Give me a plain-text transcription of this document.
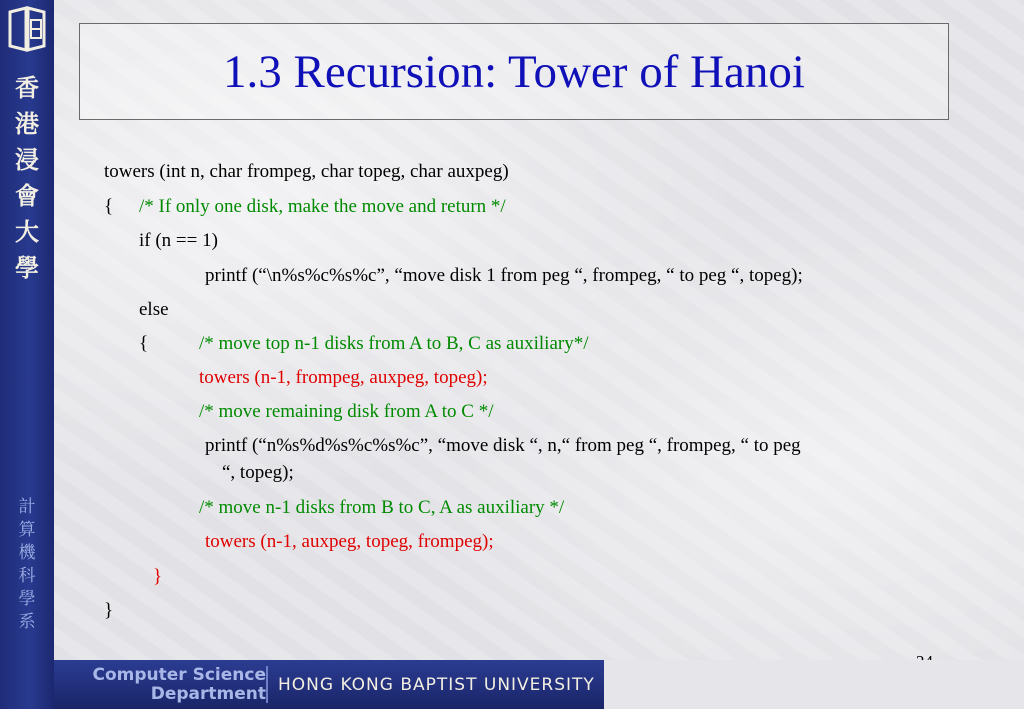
香
港
浸
會
大
學
計
算
機
科
學
系
1.3 Recursion: Tower of Hanoi
towers (int n, char frompeg, char topeg, char auxpeg)
{ /* If only one disk, make the move and return */
if (n == 1)
printf (“\n%s%c%s%c”, “move disk 1 from peg “, frompeg, “ to peg “, topeg);
else
{	/* move top n-1 disks from A to B, C as auxiliary*/
towers (n-1, frompeg, auxpeg, topeg);
/* move remaining disk from A to C */
printf (“n%s%d%s%c%s%c”, “move disk “, n,“ from peg “, frompeg, “ to peg
“, topeg);
/* move n-1 disks from B to C, A as auxiliary */
towers (n-1, auxpeg, topeg, frompeg);
}
}
Computer Science
Department HONG KONG BAPTIST UNIVERSITY
